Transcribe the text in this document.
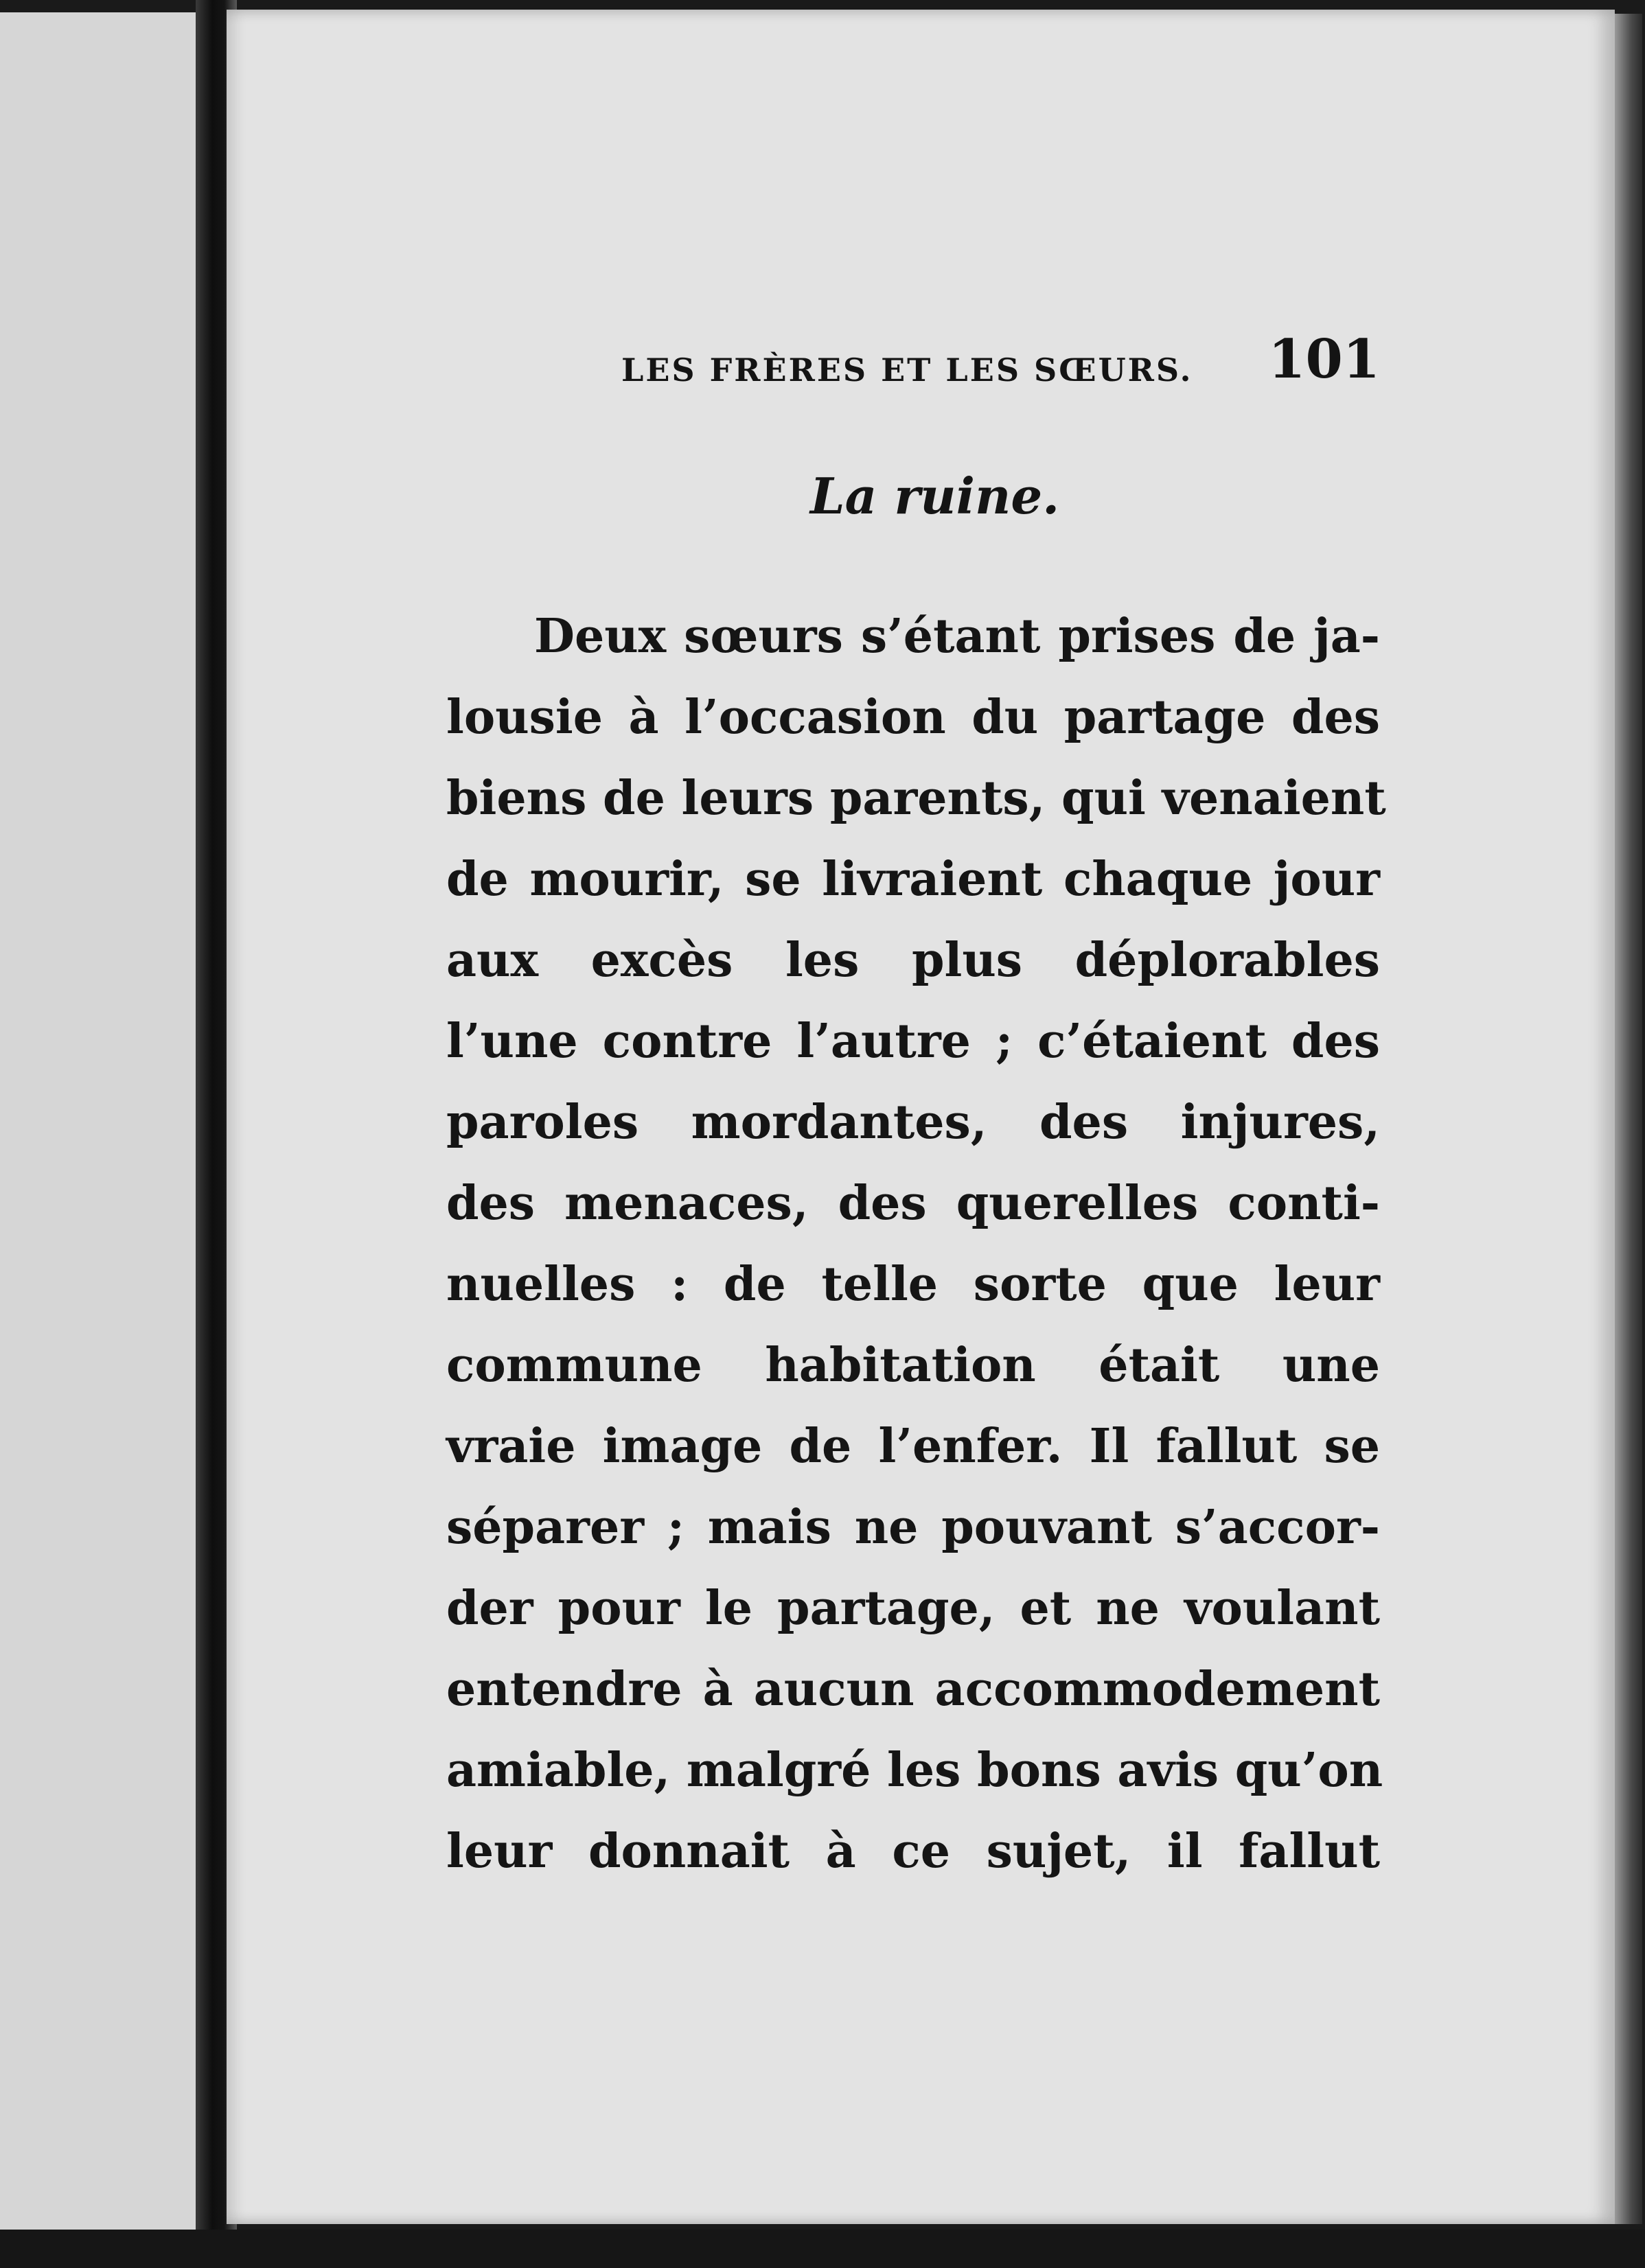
LES FRÈRES ET LES SŒURS. 101
La ruine.
Deux sœurs s’étant prises de ja-
lousie à l’occasion du partage des
biens de leurs parents, qui venaient
de mourir, se livraient chaque jour
aux excès les plus déplorables
l’une contre l’autre ; c’étaient des
paroles mordantes, des injures,
des menaces, des querelles conti-
nuelles : de telle sorte que leur
commune habitation était une
vraie image de l’enfer. Il fallut se
séparer ; mais ne pouvant s’accor-
der pour le partage, et ne voulant
entendre à aucun accommodement
amiable, malgré les bons avis qu’on
leur donnait à ce sujet, il fallut
